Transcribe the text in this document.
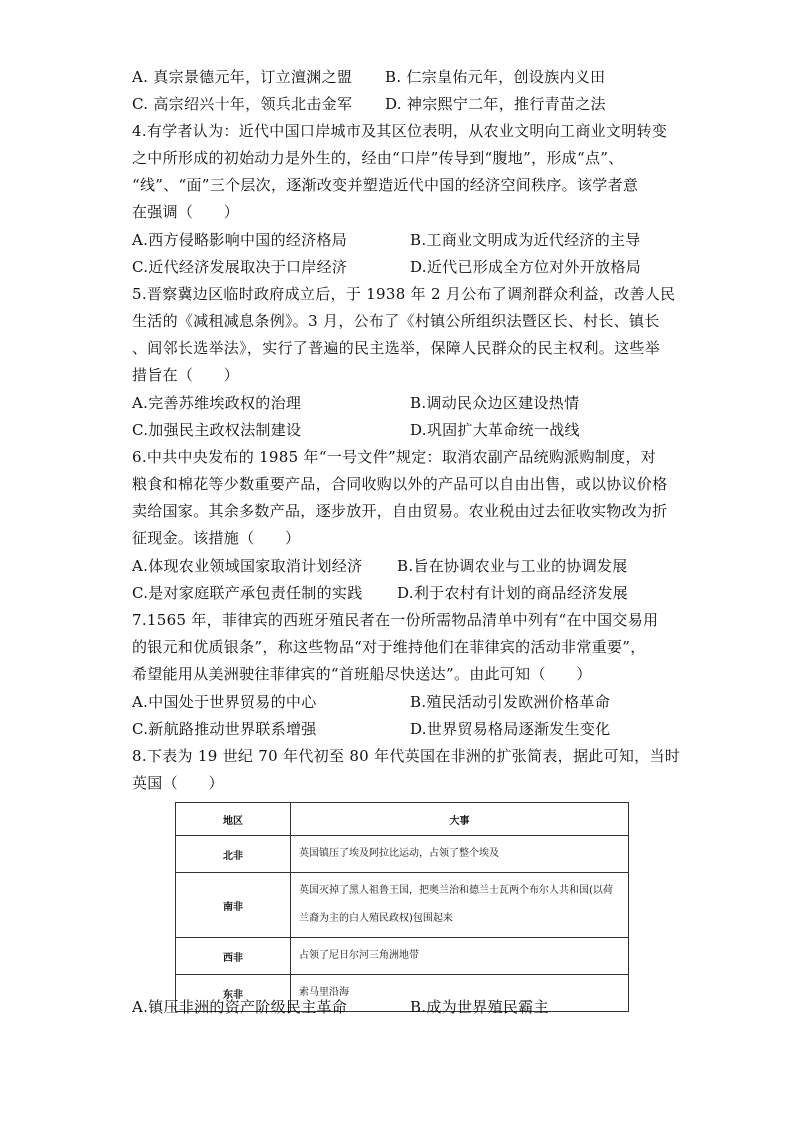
A. 真宗景德元年，订立澶渊之盟 B. 仁宗皇佑元年，创设族内义田
C. 高宗绍兴十年，领兵北击金军 D. 神宗熙宁二年，推行青苗之法
4.有学者认为：近代中国口岸城市及其区位表明，从农业文明向工商业文明转变
之中所形成的初始动力是外生的，经由“口岸”传导到“腹地”，形成“点”、
“线”、“面”三个层次，逐渐改变并塑造近代中国的经济空间秩序。该学者意
在强调（　　）
A.西方侵略影响中国的经济格局	B.工商业文明成为近代经济的主导
C.近代经济发展取决于口岸经济	D.近代已形成全方位对外开放格局
5.晋察冀边区临时政府成立后，于 1938 年 2 月公布了调剂群众利益，改善人民
生活的《减租减息条例》。3 月，公布了《村镇公所组织法暨区长、村长、镇长
、闾邻长选举法》，实行了普遍的民主选举，保障人民群众的民主权利。这些举
措旨在（　　）
A.完善苏维埃政权的治理	B.调动民众边区建设热情
C.加强民主政权法制建设	D.巩固扩大革命统一战线
6.中共中央发布的 1985 年“一号文件”规定：取消农副产品统购派购制度，对
粮食和棉花等少数重要产品，合同收购以外的产品可以自由出售，或以协议价格
卖给国家。其余多数产品，逐步放开，自由贸易。农业税由过去征收实物改为折
征现金。该措施（　　）
A.体现农业领域国家取消计划经济 B.旨在协调农业与工业的协调发展
C.是对家庭联产承包责任制的实践 D.利于农村有计划的商品经济发展
7.1565 年，菲律宾的西班牙殖民者在一份所需物品清单中列有“在中国交易用
的银元和优质银条”，称这些物品“对于维持他们在菲律宾的活动非常重要”，
希望能用从美洲驶往菲律宾的“首班船尽快送达”。由此可知（　　）
A.中国处于世界贸易的中心	B.殖民活动引发欧洲价格革命
C.新航路推动世界联系增强	D.世界贸易格局逐渐发生变化
8.下表为 19 世纪 70 年代初至 80 年代英国在非洲的扩张简表，据此可知，当时
英国（　　）
地区	大事
北非	英国镇压了埃及阿拉比运动，占领了整个埃及
南非	英国灭掉了黑人祖鲁王国，把奥兰治和德兰士瓦两个布尔人共和国(以荷兰裔为主的白人殖民政权)包围起来
西非	占领了尼日尔河三角洲地带
东非	索马里沿海
A.镇压非洲的资产阶级民主革命	B.成为世界殖民霸主
